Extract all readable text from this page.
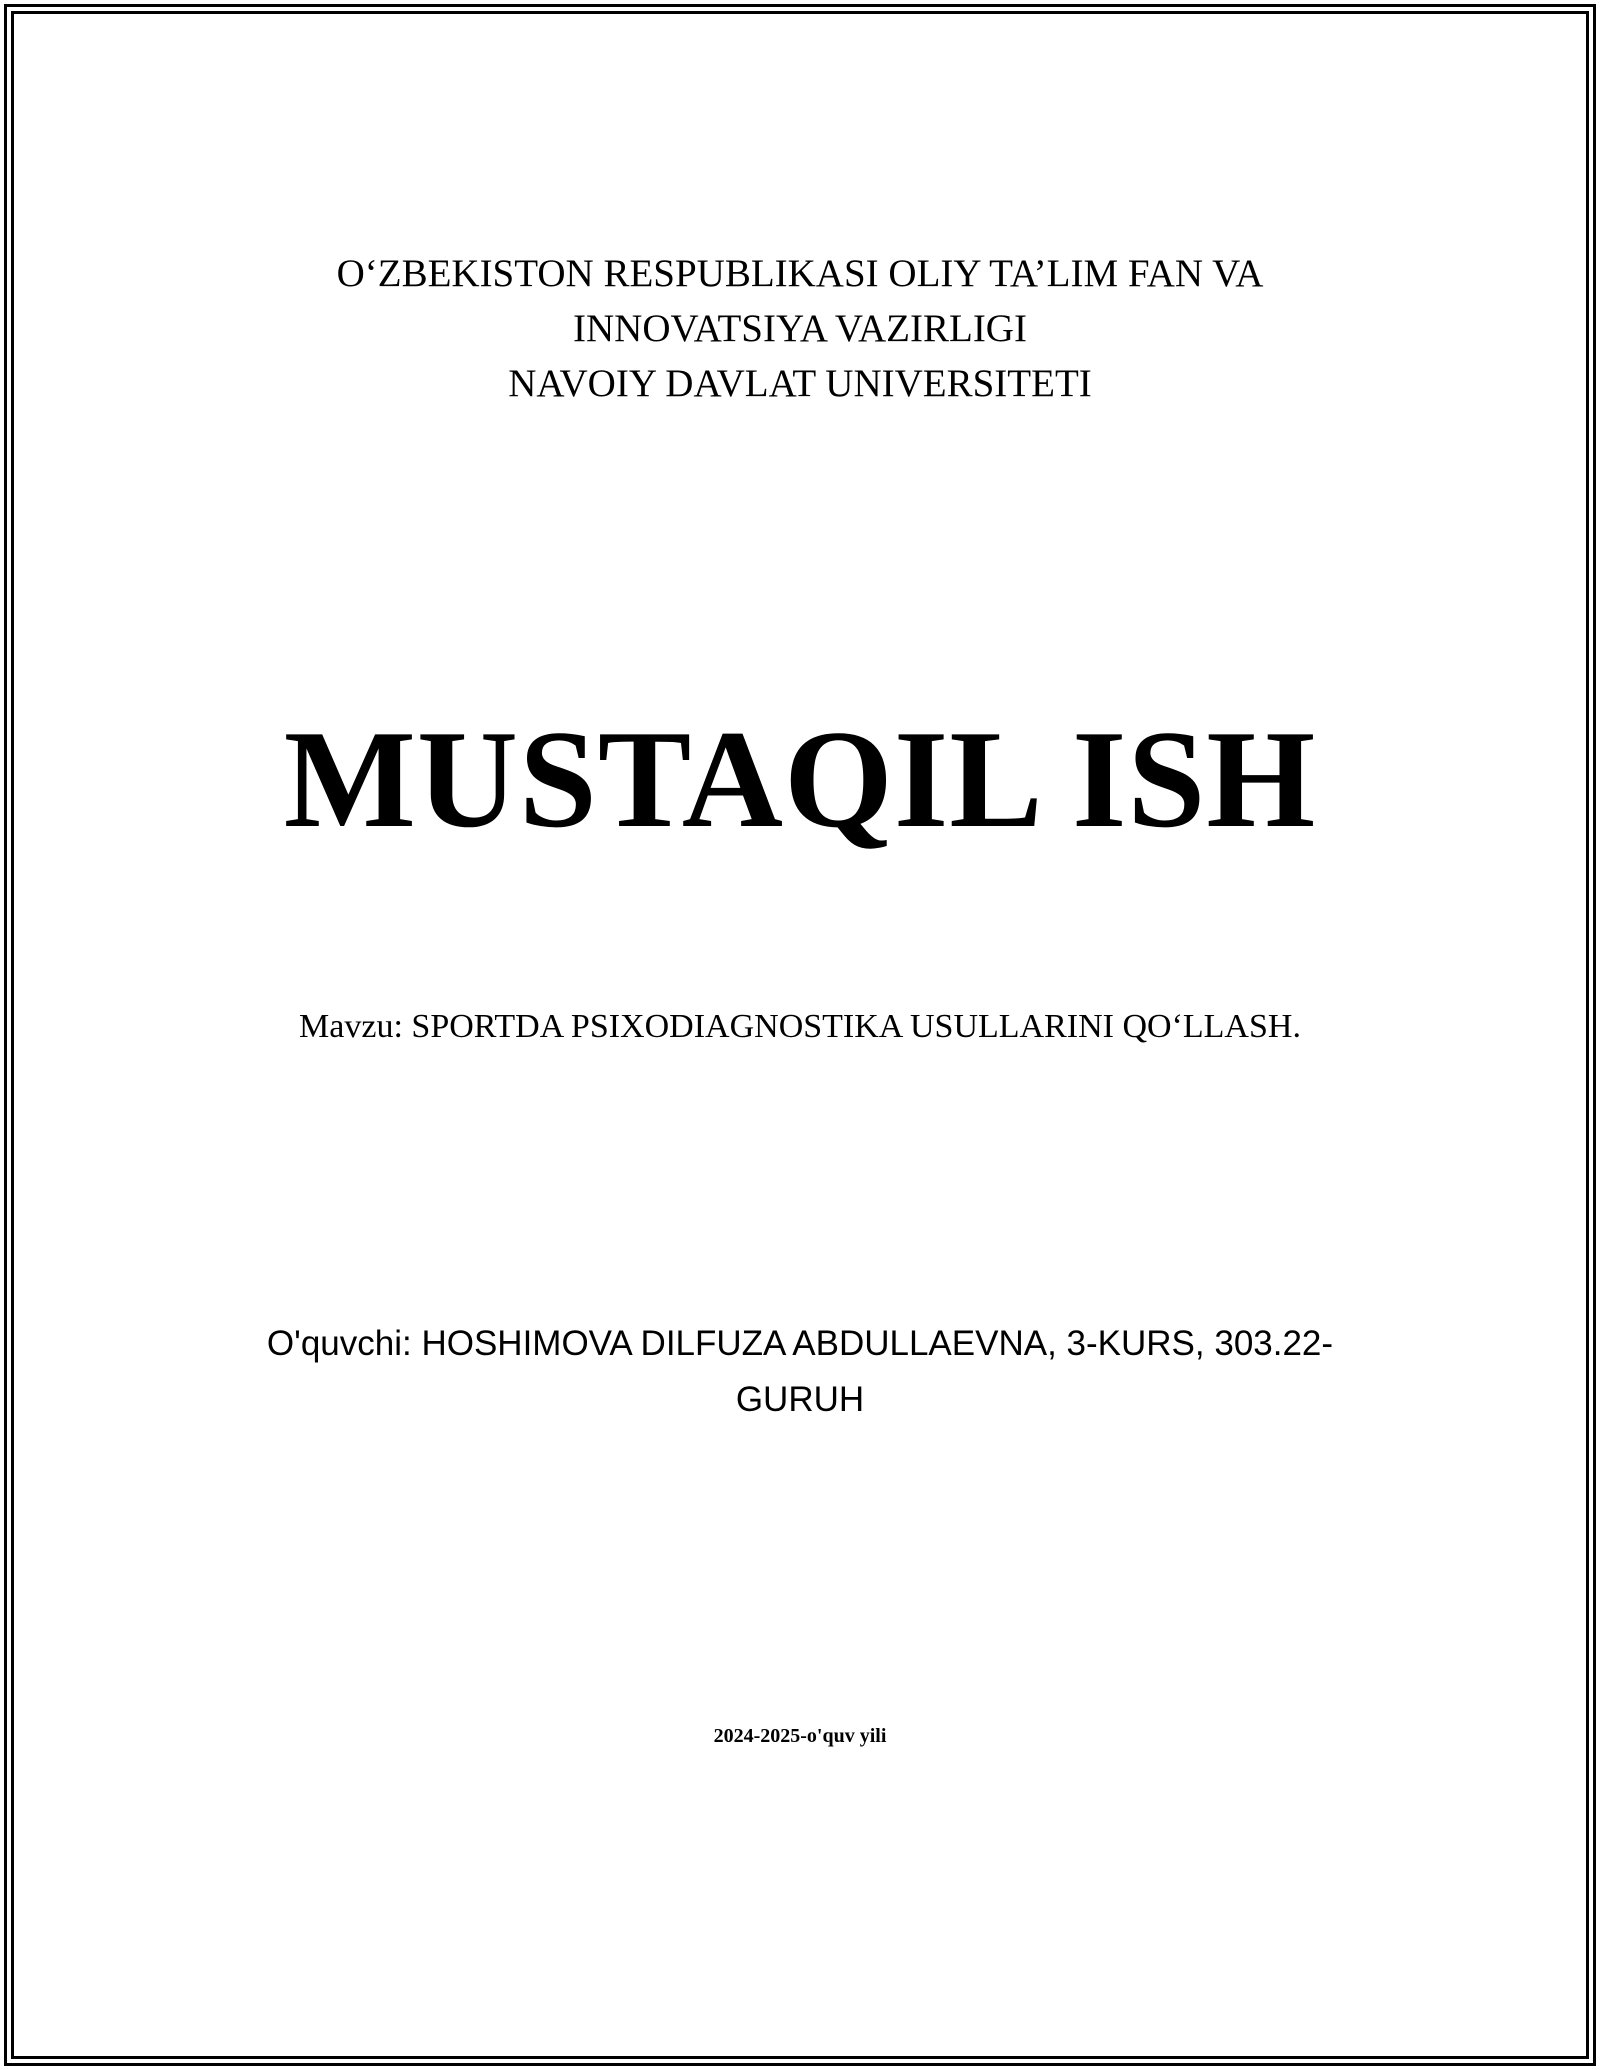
O‘ZBEKISTON RESPUBLIKASI OLIY TA’LIM FAN VA
INNOVATSIYA VAZIRLIGI
NAVOIY DAVLAT UNIVERSITETI
MUSTAQIL ISH
Mavzu: SPORTDA PSIXODIAGNOSTIKA USULLARINI QO‘LLASH.
O'quvchi: HOSHIMOVA DILFUZA ABDULLAEVNA, 3-KURS, 303.22-
GURUH
2024-2025-o'quv yili
